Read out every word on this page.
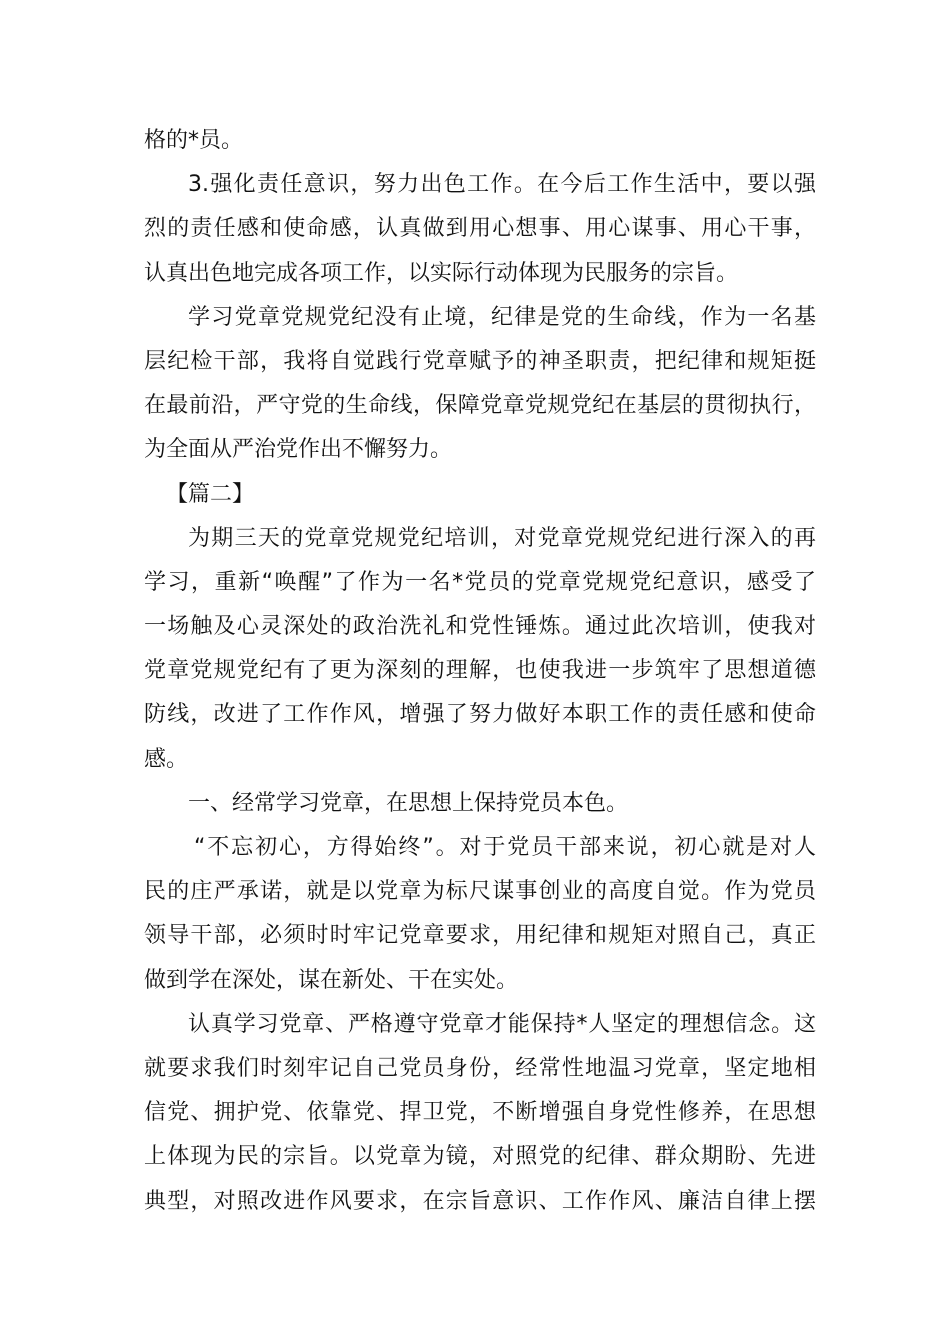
格的*员。
3.强化责任意识，努力出色工作。在今后工作生活中，要以强
烈的责任感和使命感，认真做到用心想事、用心谋事、用心干事，
认真出色地完成各项工作，以实际行动体现为民服务的宗旨。
学习党章党规党纪没有止境，纪律是党的生命线，作为一名基
层纪检干部，我将自觉践行党章赋予的神圣职责，把纪律和规矩挺
在最前沿，严守党的生命线，保障党章党规党纪在基层的贯彻执行，
为全面从严治党作出不懈努力。
【篇二】
为期三天的党章党规党纪培训，对党章党规党纪进行深入的再
学习，重新“唤醒”了作为一名*党员的党章党规党纪意识，感受了
一场触及心灵深处的政治洗礼和党性锤炼。通过此次培训，使我对
党章党规党纪有了更为深刻的理解，也使我进一步筑牢了思想道德
防线，改进了工作作风，增强了努力做好本职工作的责任感和使命
感。
一、经常学习党章，在思想上保持党员本色。
“不忘初心，方得始终”。对于党员干部来说，初心就是对人
民的庄严承诺，就是以党章为标尺谋事创业的高度自觉。作为党员
领导干部，必须时时牢记党章要求，用纪律和规矩对照自己，真正
做到学在深处，谋在新处、干在实处。
认真学习党章、严格遵守党章才能保持*人坚定的理想信念。这
就要求我们时刻牢记自己党员身份，经常性地温习党章，坚定地相
信党、拥护党、依靠党、捍卫党，不断增强自身党性修养，在思想
上体现为民的宗旨。以党章为镜，对照党的纪律、群众期盼、先进
典型，对照改进作风要求，在宗旨意识、工作作风、廉洁自律上摆
